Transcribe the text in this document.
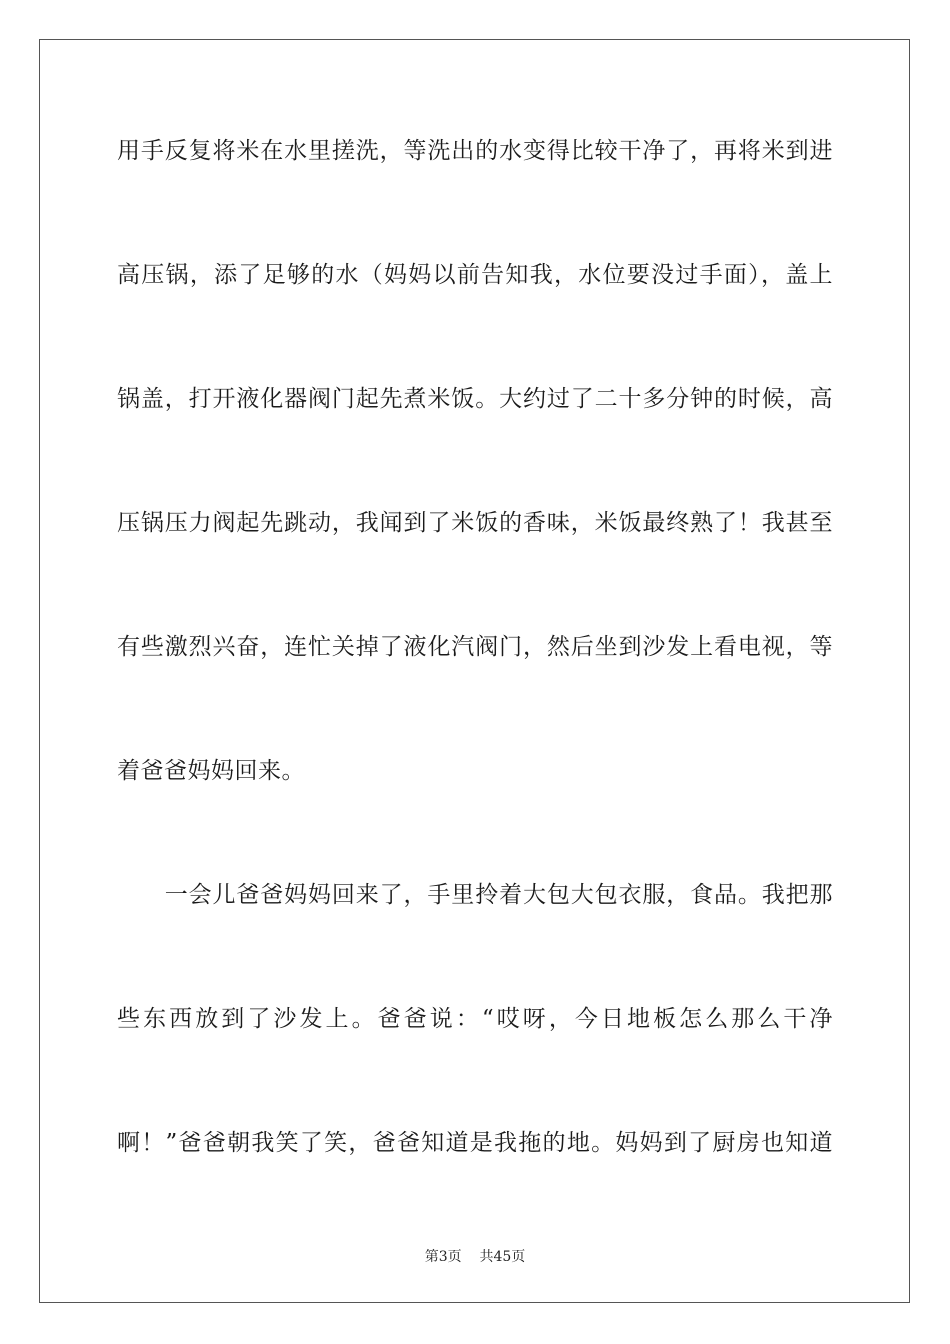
用手反复将米在水里搓洗，等洗出的水变得比较干净了，再将米到进
高压锅，添了足够的水（妈妈以前告知我，水位要没过手面），盖上
锅盖，打开液化器阀门起先煮米饭。大约过了二十多分钟的时候，高
压锅压力阀起先跳动，我闻到了米饭的香味，米饭最终熟了！我甚至
有些激烈兴奋，连忙关掉了液化汽阀门，然后坐到沙发上看电视，等
着爸爸妈妈回来。
　　一会儿爸爸妈妈回来了，手里拎着大包大包衣服，食品。我把那
些东西放到了沙发上。爸爸说：“哎呀，今日地板怎么那么干净
啊！”爸爸朝我笑了笑，爸爸知道是我拖的地。妈妈到了厨房也知道
第3页 共45页
